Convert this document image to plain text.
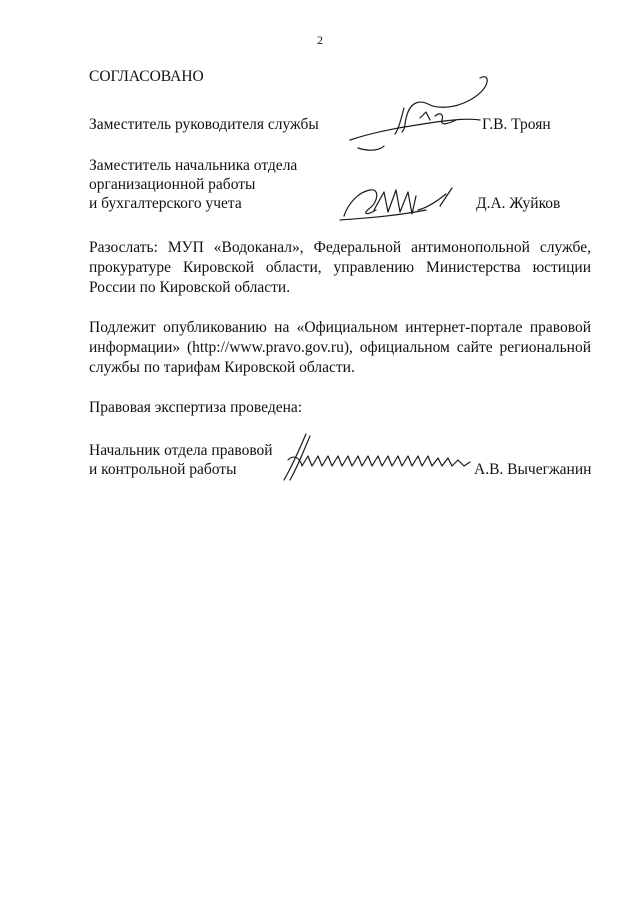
2
СОГЛАСОВАНО
Заместитель руководителя службы	Г.В. Троян
Заместитель начальника отдела
организационной работы
и бухгалтерского учета	Д.А. Жуйков
Разослать: МУП «Водоканал», Федеральной антимонопольной службе, прокуратуре Кировской области, управлению Министерства юстиции России по Кировской области.
Подлежит опубликованию на «Официальном интернет-портале правовой информации» (http://www.pravo.gov.ru), официальном сайте региональной службы по тарифам Кировской области.
Правовая экспертиза проведена:
Начальник отдела правовой
и контрольной работы	А.В. Вычегжанин
